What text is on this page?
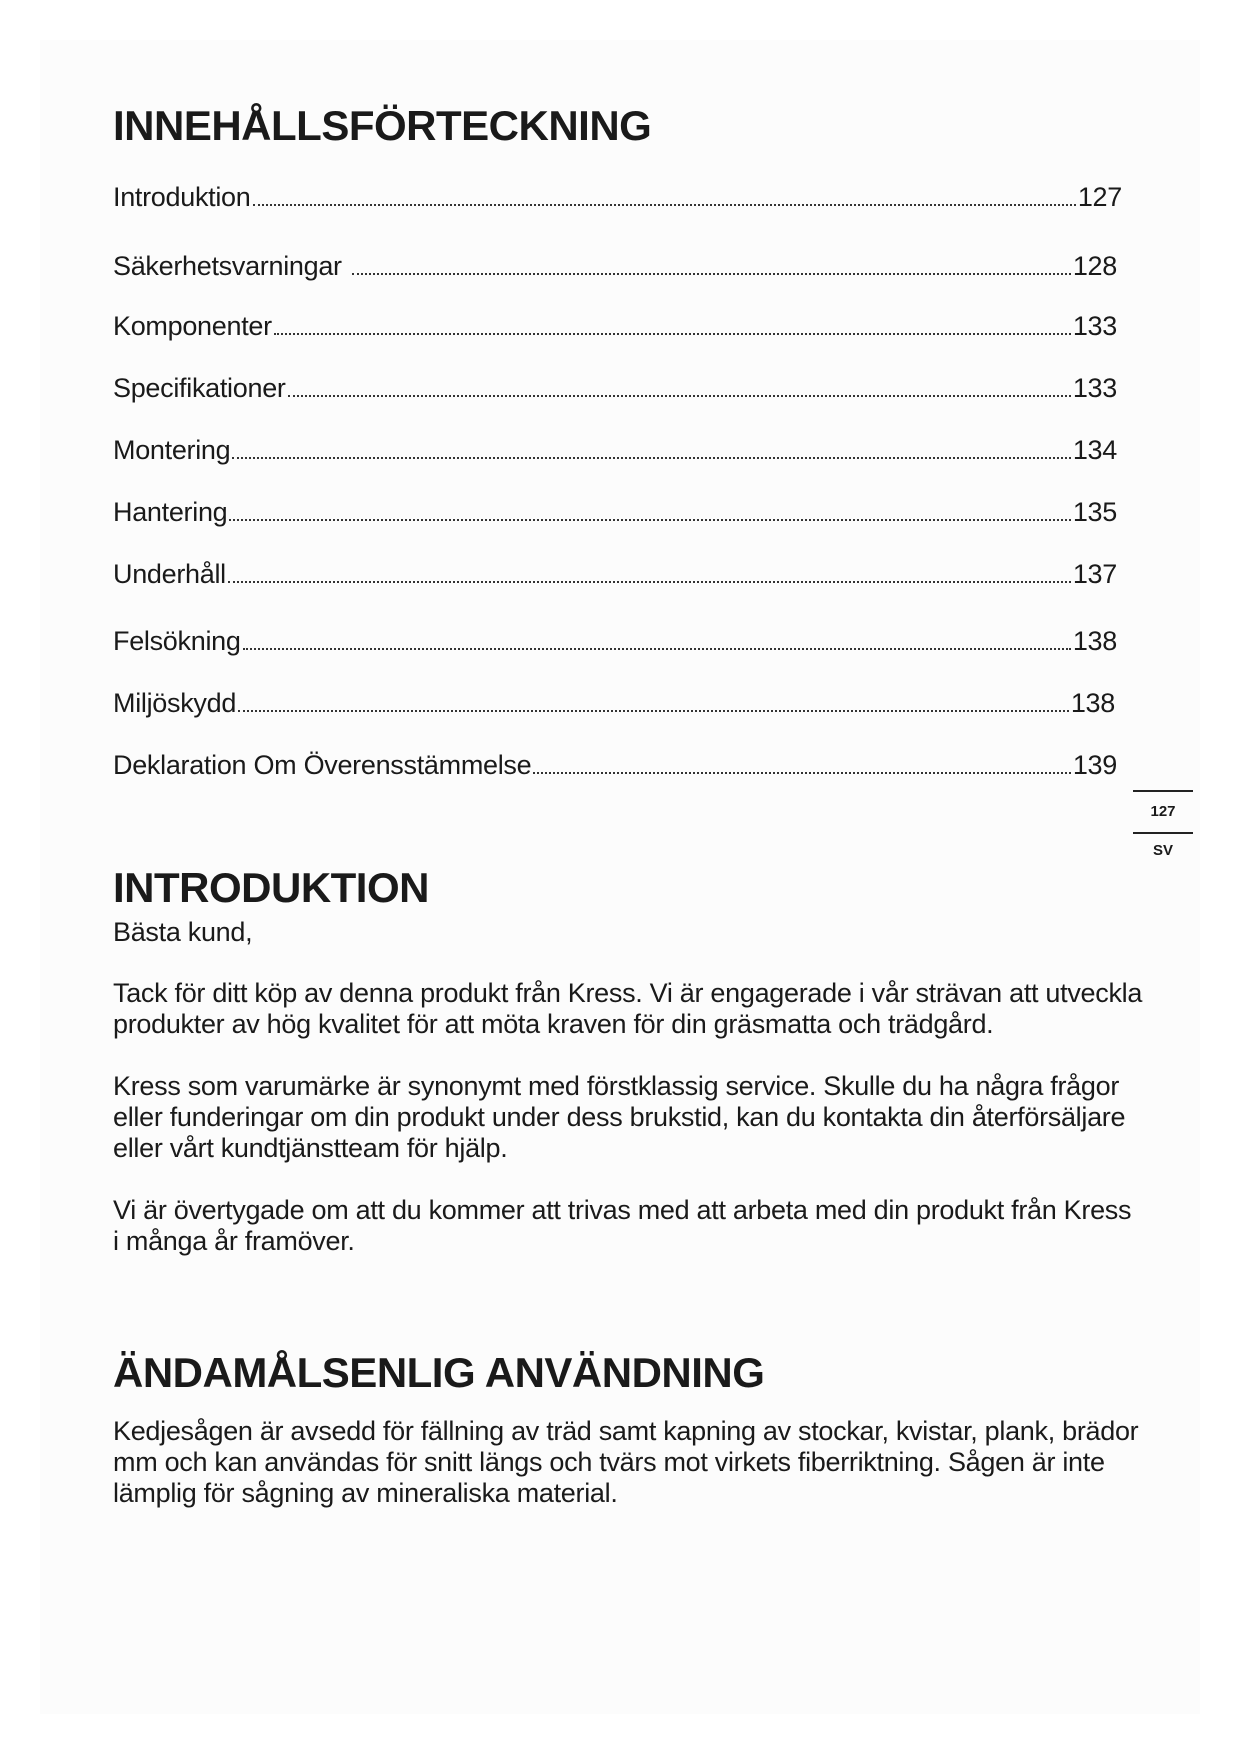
INNEHÅLLSFÖRTECKNING
Introduktion	127
Säkerhetsvarningar	128
Komponenter	133
Specifikationer	133
Montering	134
Hantering	135
Underhåll	137
Felsökning	138
Miljöskydd	138
Deklaration Om Överensstämmelse	139
127
SV
INTRODUKTION

Bästa kund,

Tack för ditt köp av denna produkt från Kress. Vi är engagerade i vår strävan att utveckla produkter av hög kvalitet för att möta kraven för din gräsmatta och trädgård.

Kress som varumärke är synonymt med förstklassig service. Skulle du ha några frågor eller funderingar om din produkt under dess brukstid, kan du kontakta din återförsäljare eller vårt kundtjänstteam för hjälp.

Vi är övertygade om att du kommer att trivas med att arbeta med din produkt från Kress i många år framöver.

ÄNDAMÅLSENLIG ANVÄNDNING

Kedjesågen är avsedd för fällning av träd samt kapning av stockar, kvistar, plank, brädor mm och kan användas för snitt längs och tvärs mot virkets fiberriktning. Sågen är inte lämplig för sågning av mineraliska material.
